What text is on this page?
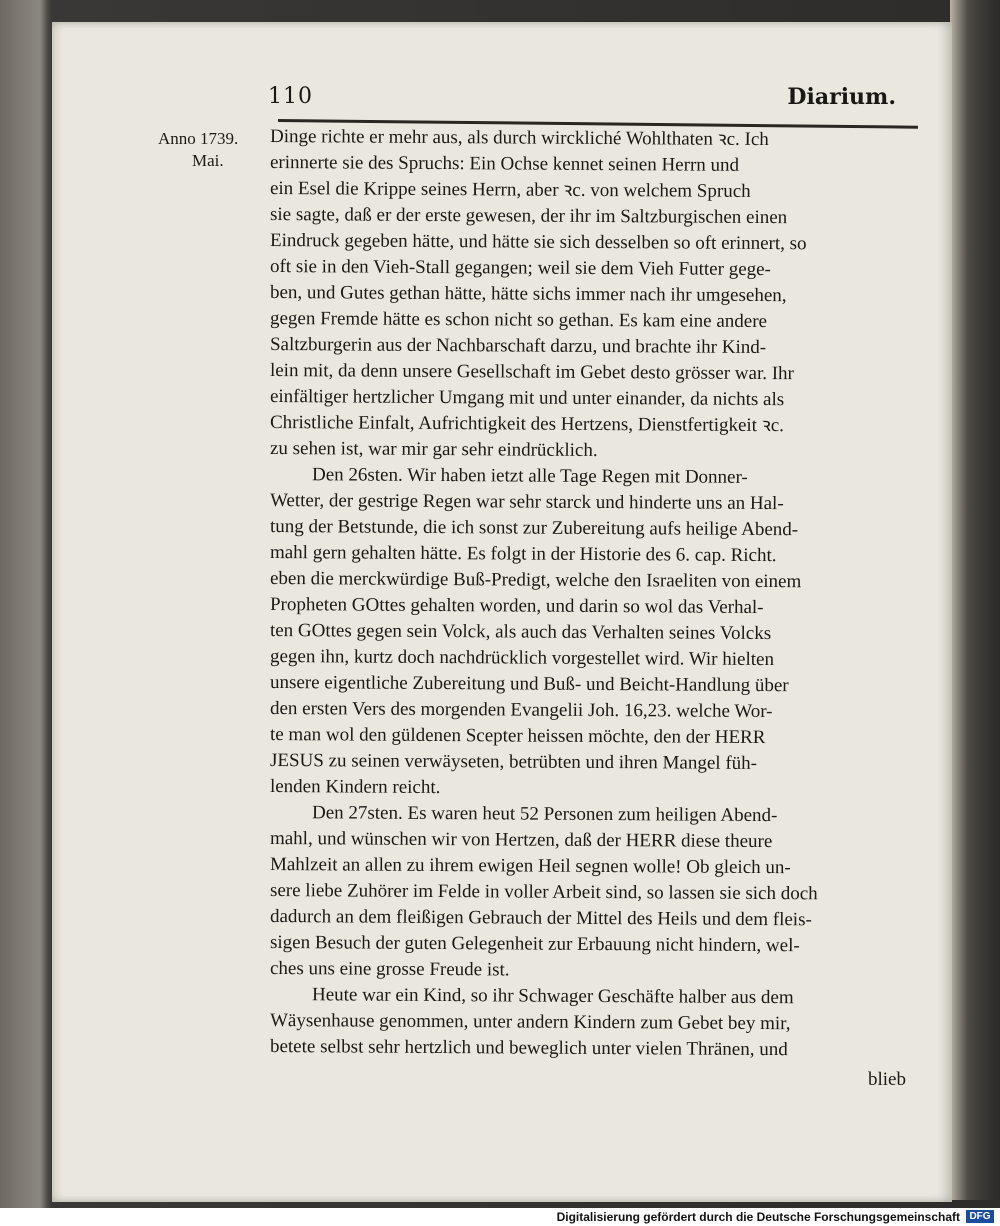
110	Diarium.
Anno 1739.
Mai.
Dinge richte er mehr aus, als durch wirckliché Wohlthaten ꝛc. Ich
erinnerte sie des Spruchs: Ein Ochse kennet seinen Herrn und
ein Esel die Krippe seines Herrn, aber ꝛc. von welchem Spruch
sie sagte, daß er der erste gewesen, der ihr im Saltzburgischen einen
Eindruck gegeben hätte, und hätte sie sich desselben so oft erinnert, so
oft sie in den Vieh-Stall gegangen; weil sie dem Vieh Futter gege-
ben, und Gutes gethan hätte, hätte sichs immer nach ihr umgesehen,
gegen Fremde hätte es schon nicht so gethan. Es kam eine andere
Saltzburgerin aus der Nachbarschaft darzu, und brachte ihr Kind-
lein mit, da denn unsere Gesellschaft im Gebet desto grösser war. Ihr
einfältiger hertzlicher Umgang mit und unter einander, da nichts als
Christliche Einfalt, Aufrichtigkeit des Hertzens, Dienstfertigkeit ꝛc.
zu sehen ist, war mir gar sehr eindrücklich.
Den 26sten. Wir haben ietzt alle Tage Regen mit Donner-
Wetter, der gestrige Regen war sehr starck und hinderte uns an Hal-
tung der Betstunde, die ich sonst zur Zubereitung aufs heilige Abend-
mahl gern gehalten hätte. Es folgt in der Historie des 6. cap. Richt.
eben die merckwürdige Buß-Predigt, welche den Israeliten von einem
Propheten GOttes gehalten worden, und darin so wol das Verhal-
ten GOttes gegen sein Volck, als auch das Verhalten seines Volcks
gegen ihn, kurtz doch nachdrücklich vorgestellet wird. Wir hielten
unsere eigentliche Zubereitung und Buß- und Beicht-Handlung über
den ersten Vers des morgenden Evangelii Joh. 16,23. welche Wor-
te man wol den güldenen Scepter heissen möchte, den der HERR
JESUS zu seinen verwäyseten, betrübten und ihren Mangel füh-
lenden Kindern reicht.
Den 27sten. Es waren heut 52 Personen zum heiligen Abend-
mahl, und wünschen wir von Hertzen, daß der HERR diese theure
Mahlzeit an allen zu ihrem ewigen Heil segnen wolle! Ob gleich un-
sere liebe Zuhörer im Felde in voller Arbeit sind, so lassen sie sich doch
dadurch an dem fleißigen Gebrauch der Mittel des Heils und dem fleis-
sigen Besuch der guten Gelegenheit zur Erbauung nicht hindern, wel-
ches uns eine grosse Freude ist.
Heute war ein Kind, so ihr Schwager Geschäfte halber aus dem
Wäysenhause genommen, unter andern Kindern zum Gebet bey mir,
betete selbst sehr hertzlich und beweglich unter vielen Thränen, und
blieb
Digitalisierung gefördert durch die Deutsche Forschungsgemeinschaft DFG
